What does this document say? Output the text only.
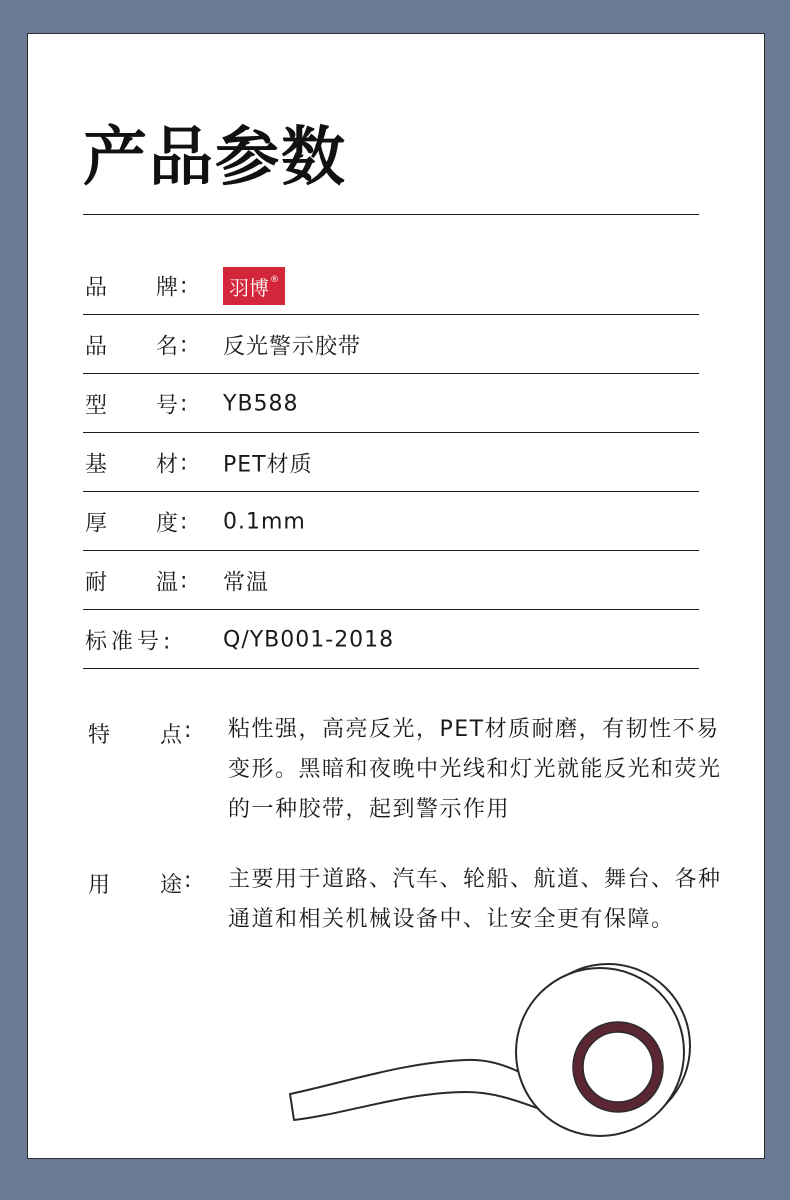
产品参数
品 牌 : 羽博®
品 名 : 反光警示胶带
型 号 : YB588
基 材 : PET材质
厚 度 : 0.1mm
耐 温 : 常温
标准号: Q/YB001-2018
特 点 : 粘性强，高亮反光，PET材质耐磨，有韧性不易变形。黑暗和夜晚中光线和灯光就能反光和荧光的一种胶带，起到警示作用
用 途 : 主要用于道路、汽车、轮船、航道、舞台、各种通道和相关机械设备中、让安全更有保障。
